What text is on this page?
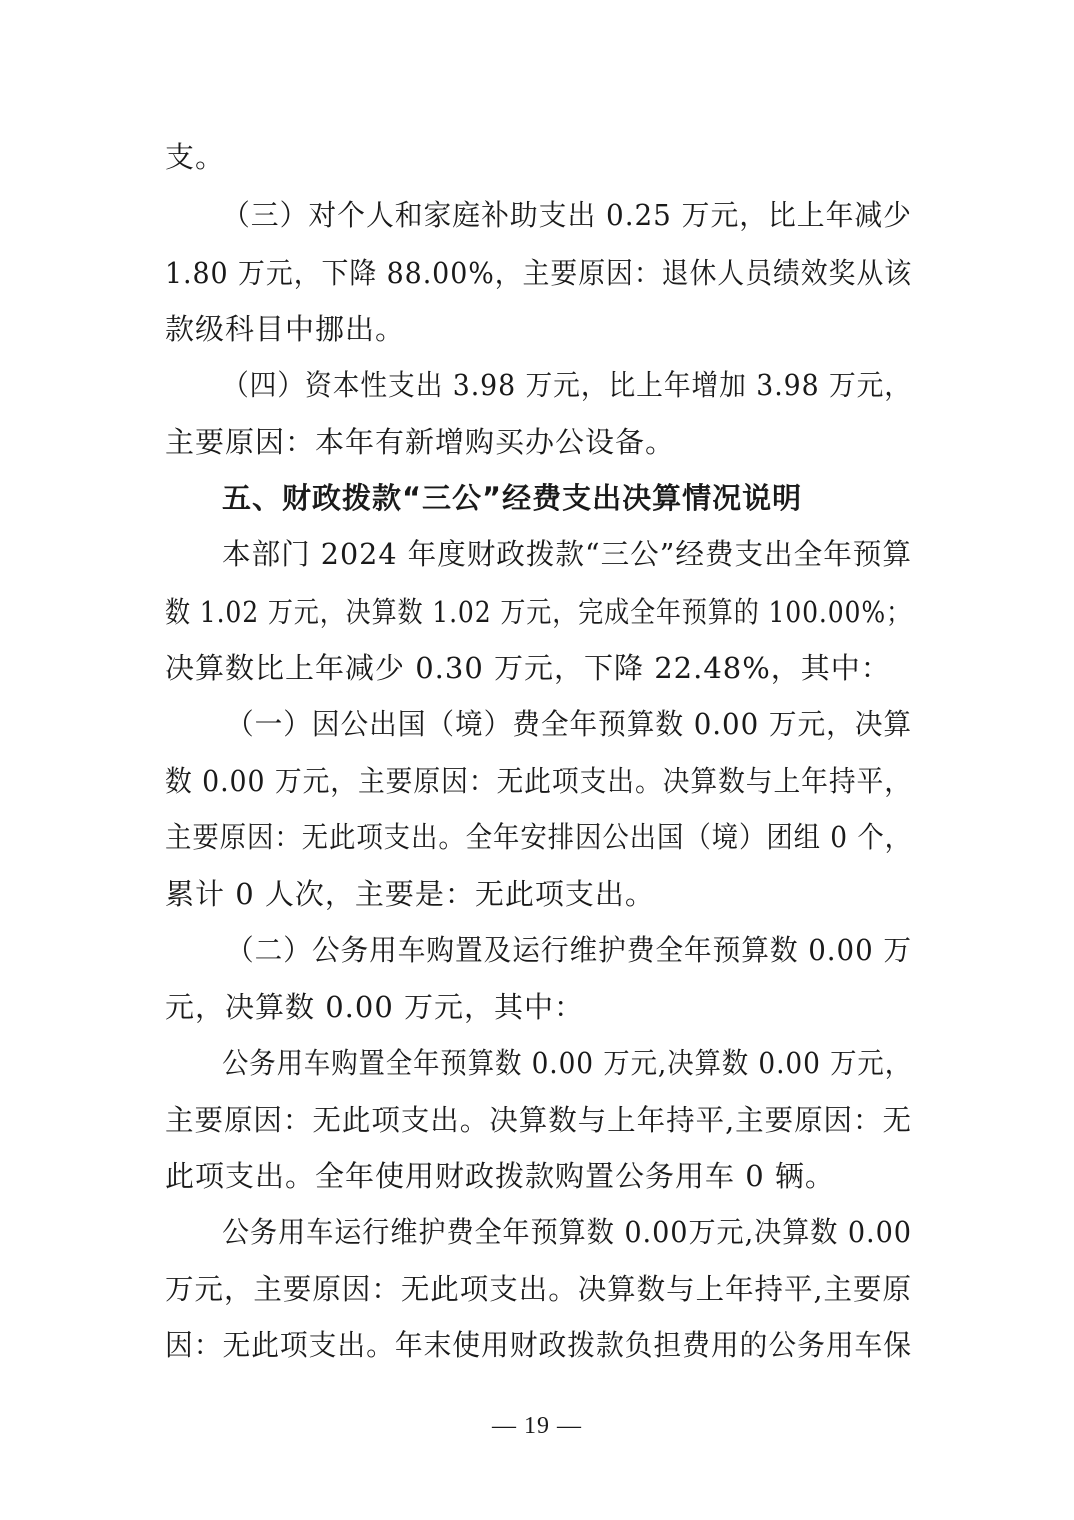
支。
（三）对个人和家庭补助支出 0.25 万元，比上年减少
1.80 万元，下降 88.00%，主要原因：退休人员绩效奖从该
款级科目中挪出。
（四）资本性支出 3.98 万元，比上年增加 3.98 万元，
主要原因：本年有新增购买办公设备。
五、财政拨款“三公”经费支出决算情况说明
本部门 2024 年度财政拨款“三公”经费支出全年预算
数 1.02 万元，决算数 1.02 万元，完成全年预算的 100.00%；
决算数比上年减少 0.30 万元，下降 22.48%，其中：
（一）因公出国（境）费全年预算数 0.00 万元，决算
数 0.00 万元，主要原因：无此项支出。决算数与上年持平，
主要原因：无此项支出。全年安排因公出国（境）团组 0 个，
累计 0 人次，主要是：无此项支出。
（二）公务用车购置及运行维护费全年预算数 0.00 万
元，决算数 0.00 万元，其中：
公务用车购置全年预算数 0.00 万元,决算数 0.00 万元，
主要原因：无此项支出。决算数与上年持平,主要原因：无
此项支出。全年使用财政拨款购置公务用车 0 辆。
公务用车运行维护费全年预算数 0.00万元,决算数 0.00
万元，主要原因：无此项支出。决算数与上年持平,主要原
因：无此项支出。年末使用财政拨款负担费用的公务用车保
— 19 —
